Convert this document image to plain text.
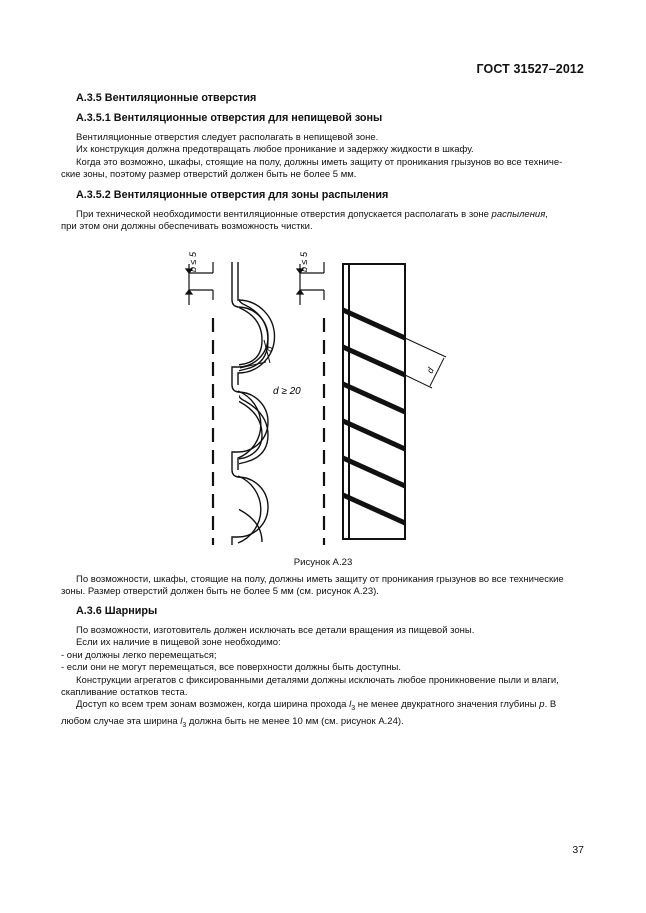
ГОСТ 31527–2012
А.3.5 Вентиляционные отверстия
А.3.5.1 Вентиляционные отверстия для непищевой зоны

Вентиляционные отверстия следует располагать в непищевой зоне.

Их конструкция должна предотвращать любое проникание и задержку жидкости в шкафу.

Когда это возможно, шкафы, стоящие на полу, должны иметь защиту от проникания грызунов во все техниче-

ские зоны, поэтому размер отверстий должен быть не более 5 мм.

А.3.5.2 Вентиляционные отверстия для зоны распыления

При технической необходимости вентиляционные отверстия допускается располагать в зоне распыления,

при этом они должны обеспечивать возможность чистки.

b ≤ 5
d
d ≥ 20
b ≤ 5
d
Рисунок А.23

По возможности, шкафы, стоящие на полу, должны иметь защиту от проникания грызунов во все технические

зоны. Размер отверстий должен быть не более 5 мм (см. рисунок А.23).

А.3.6 Шарниры

По возможности, изготовитель должен исключать все детали вращения из пищевой зоны.

Если их наличие в пищевой зоне необходимо:

- они должны легко перемещаться;

- если они не могут перемещаться, все поверхности должны быть доступны.

Конструкции агрегатов с фиксированными деталями должны исключать любое проникновение пыли и влаги,

скапливание остатков теста.

Доступ ко всем трем зонам возможен, когда ширина прохода $l_3$ не менее двукратного значения глубины p. В

любом случае эта ширина $l_3$ должна быть не менее 10 мм (см. рисунок А.24).

37
